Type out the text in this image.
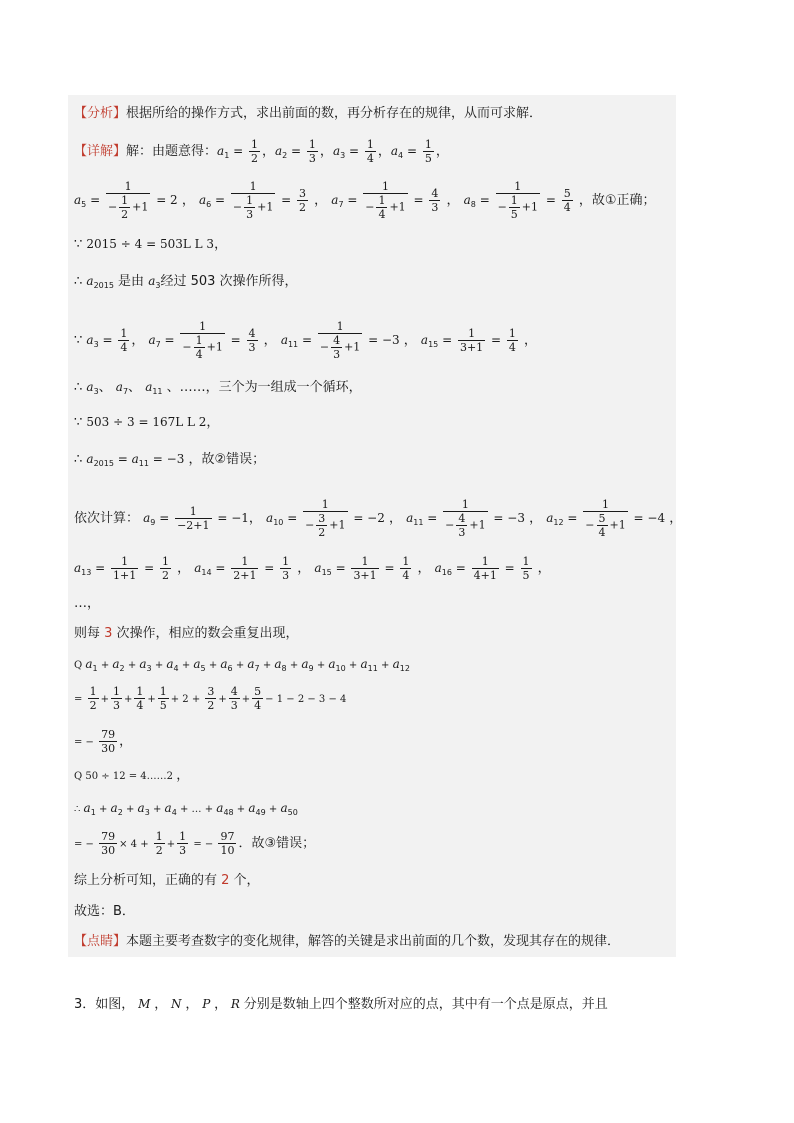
【分析】根据所给的操作方式，求出前面的数，再分析存在的规律，从而可求解．
【详解】解：由题意得：$a_1 = \frac{1}{2}$ ，$a_2 = \frac{1}{3}$ ，$a_3 = \frac{1}{4}$ ，$a_4 = \frac{1}{5}$ ，
$a_5 = \frac{1}{- \frac{1}{2} +1} = 2$ ， $a_6 = \frac{1}{- \frac{1}{3} +1} = \frac{3}{2}$ ， $a_7 = \frac{1}{- \frac{1}{4} +1} = \frac{4}{3}$ ， $a_8 = \frac{1}{- \frac{1}{5} +1} = \frac{5}{4}$ ，故①正确；
∵ 2015 ÷ 4 = 503L L 3，
∴ $a_{2015}$ 是由 $a_3$经过 503 次操作所得，
∵ $a_3 = \frac{1}{4}$ ， $a_7 = \frac{1}{- \frac{1}{4} +1} = \frac{4}{3}$ ， $a_{11} = \frac{1}{- \frac{4}{3} +1} = -3$ ， $a_{15} = \frac{1}{3+1} = \frac{1}{4}$ ，
∴ $a_3$、 $a_7$、 $a_{11}$ 、……，三个为一组成一个循环，
∵ 503 ÷ 3 = 167L L 2，
∴ $a_{2015} = a_{11} = -3$ ，故②错误；
依次计算： $a_9 = \frac{1}{-2+1} = -1$， $a_{10} = \frac{1}{- \frac{3}{2} +1} = -2$ ， $a_{11} = \frac{1}{- \frac{4}{3} +1} = -3$ ， $a_{12} = \frac{1}{- \frac{5}{4} +1} = -4$ ，
$a_{13} = \frac{1}{1+1} = \frac{1}{2}$ ， $a_{14} = \frac{1}{2+1} = \frac{1}{3}$ ， $a_{15} = \frac{1}{3+1} = \frac{1}{4}$ ， $a_{16} = \frac{1}{4+1} = \frac{1}{5}$ ，
…，
则每 3 次操作，相应的数会重复出现，
Q $a_1 + a_2 + a_3 + a_4 + a_5 + a_6 + a_7 + a_8 + a_9 + a_{10} + a_{11} + a_{12}$
= $\frac{1}{2} + \frac{1}{3} + \frac{1}{4} + \frac{1}{5} + 2 + \frac{3}{2} + \frac{4}{3} + \frac{5}{4} - 1 - 2 - 3 - 4$
= − $\frac{79}{30}$ ，
Q 50 ÷ 12 = 4……2 ，
∴ $a_1 + a_2 + a_3 + a_4$ + … + $a_{48} + a_{49} + a_{50}$
= − $\frac{79}{30} \times 4 + \frac{1}{2} + \frac{1}{3}$ = − $\frac{97}{10}$ ．故③错误；
综上分析可知，正确的有 2 个，
故选：B．
【点睛】本题主要考查数字的变化规律，解答的关键是求出前面的几个数，发现其存在的规律．
3．如图， M ， N ， P ， R 分别是数轴上四个整数所对应的点，其中有一个点是原点，并且
